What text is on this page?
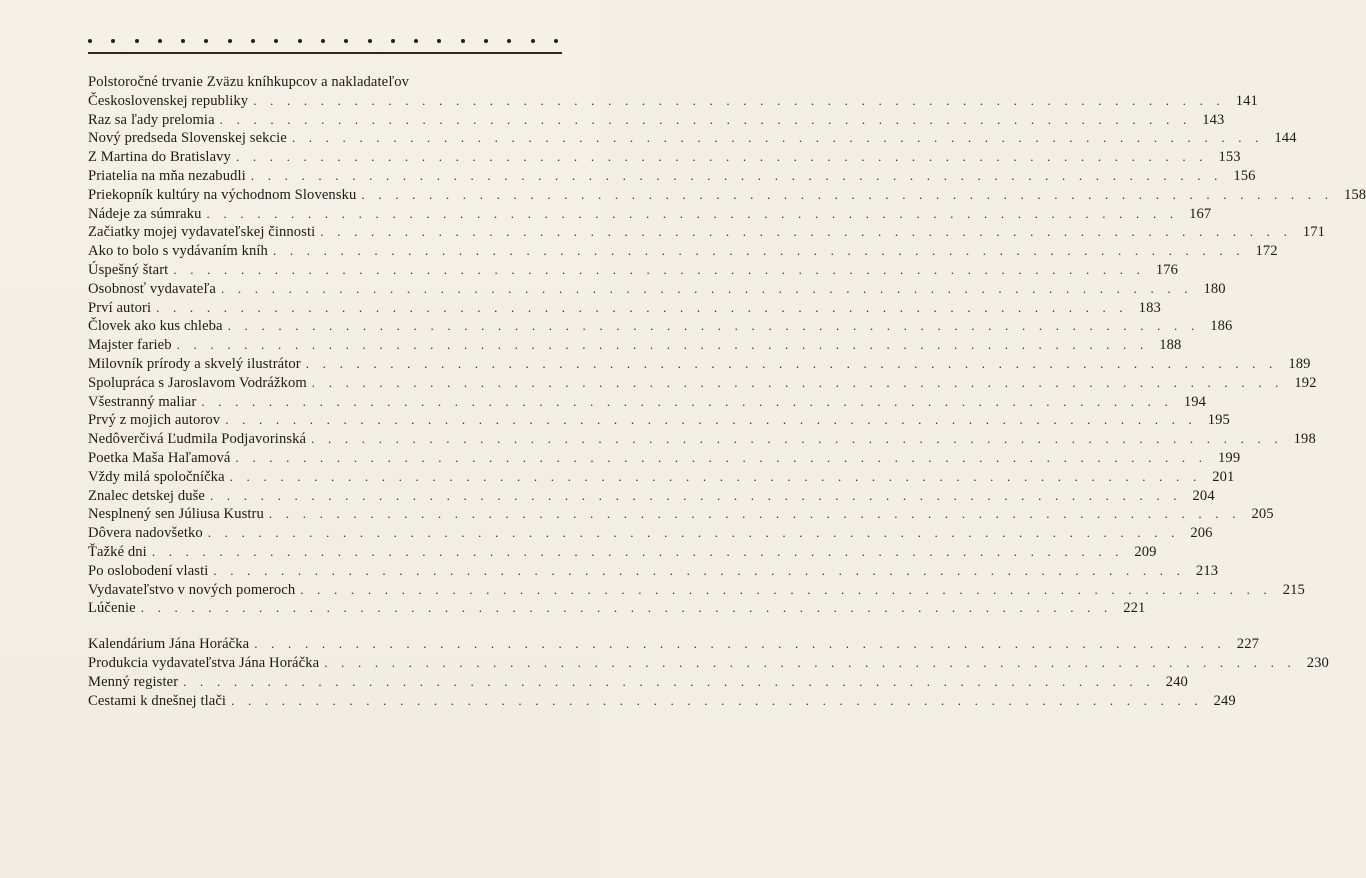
Polstoročné trvanie Zväzu kníhkupcov a nakladateľov
Československej republiky . . . . . . . . . . . . . . . . . . . . . . . . . . . . . . . . . . . . . . . . . . . . . . . . . . . . . . . . . . 141
Raz sa ľady prelomia . . . . . . . . . . . . . . . . . . . . . . . . . . . . . . . . . . . . . . . . . . . . . . . . . . . . . . . . . . 143
Nový predseda Slovenskej sekcie . . . . . . . . . . . . . . . . . . . . . . . . . . . . . . . . . . . . . . . . . . . . . . . . . . . . . . . . . . 144
Z Martina do Bratislavy . . . . . . . . . . . . . . . . . . . . . . . . . . . . . . . . . . . . . . . . . . . . . . . . . . . . . . . . . . 153
Priatelia na mňa nezabudli . . . . . . . . . . . . . . . . . . . . . . . . . . . . . . . . . . . . . . . . . . . . . . . . . . . . . . . . . . 156
Priekopník kultúry na východnom Slovensku . . . . . . . . . . . . . . . . . . . . . . . . . . . . . . . . . . . . . . . . . . . . . . . . . . . . . . . . . . 158
Nádeje za súmraku . . . . . . . . . . . . . . . . . . . . . . . . . . . . . . . . . . . . . . . . . . . . . . . . . . . . . . . . . . 167
Začiatky mojej vydavateľskej činnosti . . . . . . . . . . . . . . . . . . . . . . . . . . . . . . . . . . . . . . . . . . . . . . . . . . . . . . . . . . 171
Ako to bolo s vydávaním kníh . . . . . . . . . . . . . . . . . . . . . . . . . . . . . . . . . . . . . . . . . . . . . . . . . . . . . . . . . . 172
Úspešný štart . . . . . . . . . . . . . . . . . . . . . . . . . . . . . . . . . . . . . . . . . . . . . . . . . . . . . . . . . . 176
Osobnosť vydavateľa . . . . . . . . . . . . . . . . . . . . . . . . . . . . . . . . . . . . . . . . . . . . . . . . . . . . . . . . . . 180
Prví autori . . . . . . . . . . . . . . . . . . . . . . . . . . . . . . . . . . . . . . . . . . . . . . . . . . . . . . . . . . 183
Človek ako kus chleba . . . . . . . . . . . . . . . . . . . . . . . . . . . . . . . . . . . . . . . . . . . . . . . . . . . . . . . . . . 186
Majster farieb . . . . . . . . . . . . . . . . . . . . . . . . . . . . . . . . . . . . . . . . . . . . . . . . . . . . . . . . . . 188
Milovník prírody a skvelý ilustrátor . . . . . . . . . . . . . . . . . . . . . . . . . . . . . . . . . . . . . . . . . . . . . . . . . . . . . . . . . . 189
Spolupráca s Jaroslavom Vodrážkom . . . . . . . . . . . . . . . . . . . . . . . . . . . . . . . . . . . . . . . . . . . . . . . . . . . . . . . . . . 192
Všestranný maliar . . . . . . . . . . . . . . . . . . . . . . . . . . . . . . . . . . . . . . . . . . . . . . . . . . . . . . . . . . 194
Prvý z mojich autorov . . . . . . . . . . . . . . . . . . . . . . . . . . . . . . . . . . . . . . . . . . . . . . . . . . . . . . . . . . 195
Nedôverčivá Ľudmila Podjavorinská . . . . . . . . . . . . . . . . . . . . . . . . . . . . . . . . . . . . . . . . . . . . . . . . . . . . . . . . . . 198
Poetka Maša Haľamová . . . . . . . . . . . . . . . . . . . . . . . . . . . . . . . . . . . . . . . . . . . . . . . . . . . . . . . . . . 199
Vždy milá spoločníčka . . . . . . . . . . . . . . . . . . . . . . . . . . . . . . . . . . . . . . . . . . . . . . . . . . . . . . . . . . 201
Znalec detskej duše . . . . . . . . . . . . . . . . . . . . . . . . . . . . . . . . . . . . . . . . . . . . . . . . . . . . . . . . . . 204
Nesplnený sen Júliusa Kustru . . . . . . . . . . . . . . . . . . . . . . . . . . . . . . . . . . . . . . . . . . . . . . . . . . . . . . . . . . 205
Dôvera nadovšetko . . . . . . . . . . . . . . . . . . . . . . . . . . . . . . . . . . . . . . . . . . . . . . . . . . . . . . . . . . 206
Ťažké dni . . . . . . . . . . . . . . . . . . . . . . . . . . . . . . . . . . . . . . . . . . . . . . . . . . . . . . . . . . 209
Po oslobodení vlasti . . . . . . . . . . . . . . . . . . . . . . . . . . . . . . . . . . . . . . . . . . . . . . . . . . . . . . . . . . 213
Vydavateľstvo v nových pomeroch . . . . . . . . . . . . . . . . . . . . . . . . . . . . . . . . . . . . . . . . . . . . . . . . . . . . . . . . . . 215
Lúčenie . . . . . . . . . . . . . . . . . . . . . . . . . . . . . . . . . . . . . . . . . . . . . . . . . . . . . . . . . . 221
Kalendárium Jána Horáčka . . . . . . . . . . . . . . . . . . . . . . . . . . . . . . . . . . . . . . . . . . . . . . . . . . . . . . . . . . 227
Produkcia vydavateľstva Jána Horáčka . . . . . . . . . . . . . . . . . . . . . . . . . . . . . . . . . . . . . . . . . . . . . . . . . . . . . . . . . . 230
Menný register . . . . . . . . . . . . . . . . . . . . . . . . . . . . . . . . . . . . . . . . . . . . . . . . . . . . . . . . . . 240
Cestami k dnešnej tlači . . . . . . . . . . . . . . . . . . . . . . . . . . . . . . . . . . . . . . . . . . . . . . . . . . . . . . . . . . 249
